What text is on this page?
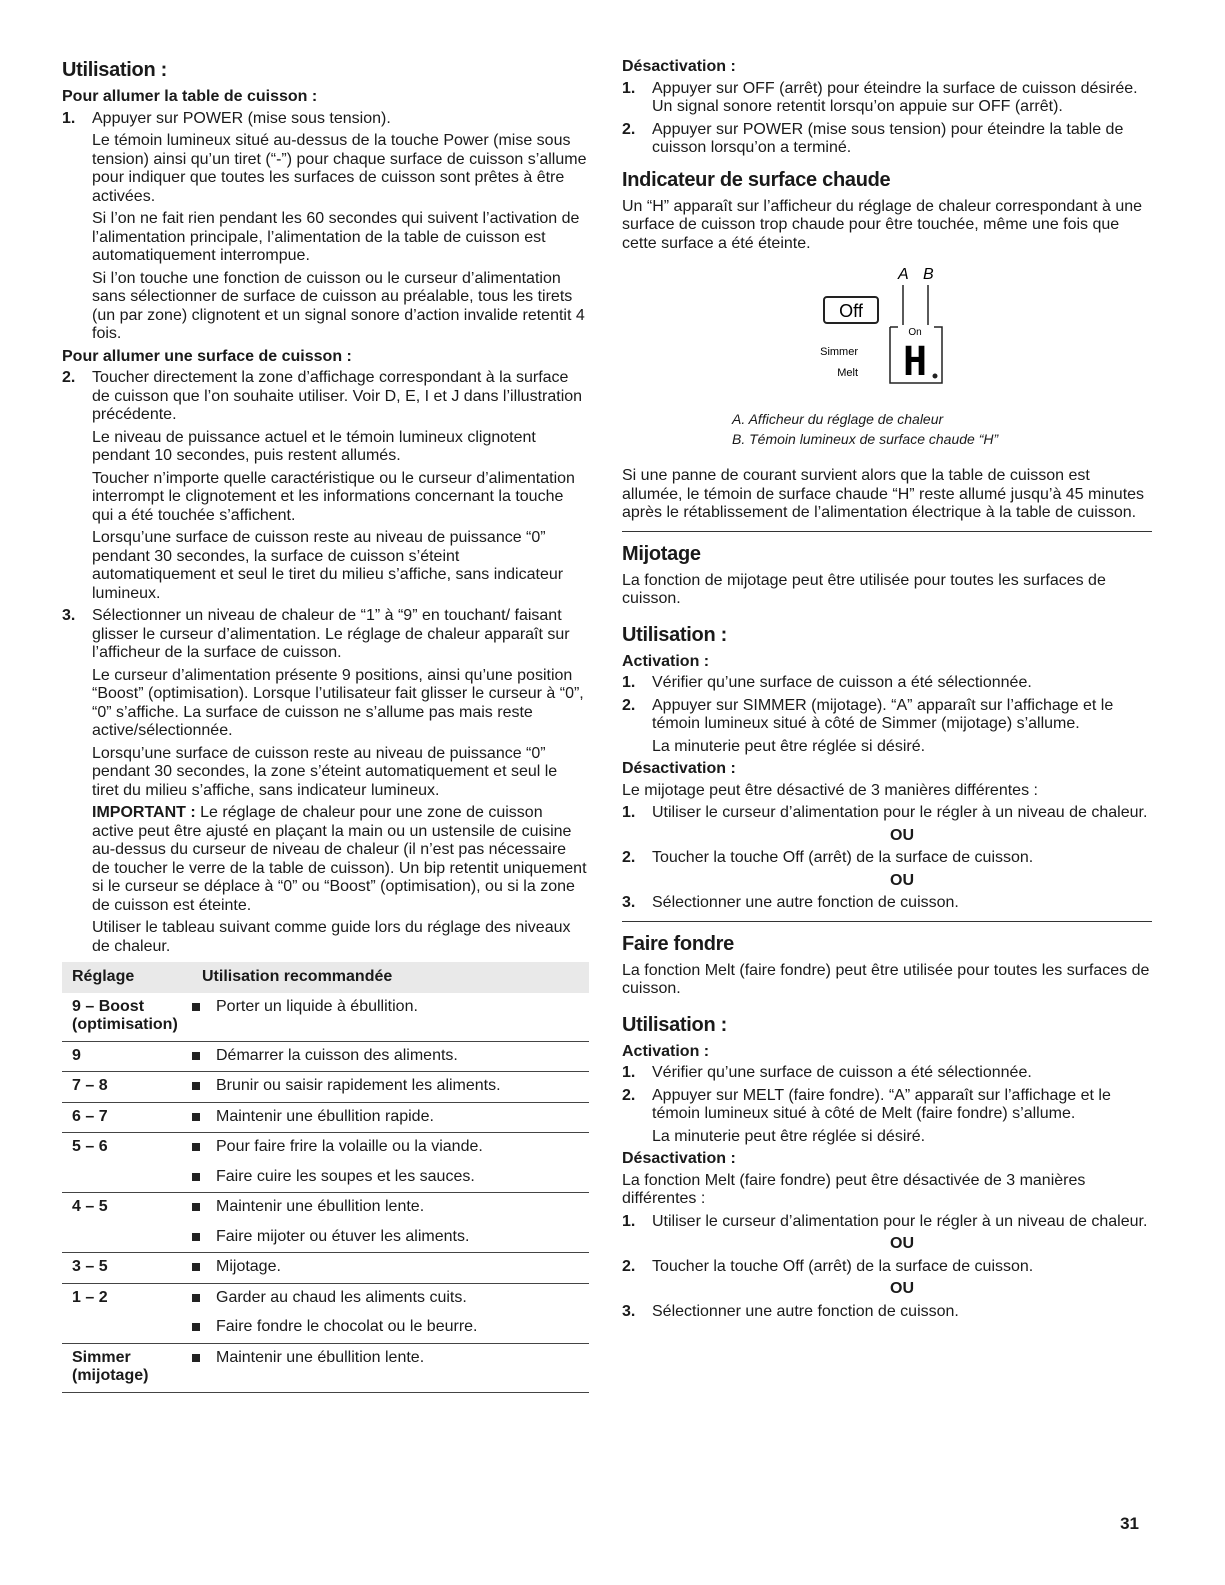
Utilisation :
Pour allumer la table de cuisson :
1. Appuyer sur POWER (mise sous tension).

Le témoin lumineux situé au-dessus de la touche Power (mise sous tension) ainsi qu’un tiret (“-”) pour chaque surface de cuisson s’allume pour indiquer que toutes les surfaces de cuisson sont prêtes à être activées.

Si l’on ne fait rien pendant les 60 secondes qui suivent l’activation de l’alimentation principale, l’alimentation de la table de cuisson est automatiquement interrompue.

Si l’on touche une fonction de cuisson ou le curseur d’alimentation sans sélectionner de surface de cuisson au préalable, tous les tirets (un par zone) clignotent et un signal sonore d’action invalide retentit 4 fois.

Pour allumer une surface de cuisson :
2. Toucher directement la zone d’affichage correspondant à la surface de cuisson que l’on souhaite utiliser. Voir D, E, I et J dans l’illustration précédente.

Le niveau de puissance actuel et le témoin lumineux clignotent pendant 10 secondes, puis restent allumés.

Toucher n’importe quelle caractéristique ou le curseur d’alimentation interrompt le clignotement et les informations concernant la touche qui a été touchée s’affichent.

Lorsqu’une surface de cuisson reste au niveau de puissance “0” pendant 30 secondes, la surface de cuisson s’éteint automatiquement et seul le tiret du milieu s’affiche, sans indicateur lumineux.

3. Sélectionner un niveau de chaleur de “1” à “9” en touchant/ faisant glisser le curseur d’alimentation. Le réglage de chaleur apparaît sur l’afficheur de la surface de cuisson.

Le curseur d’alimentation présente 9 positions, ainsi qu’une position “Boost” (optimisation). Lorsque l’utilisateur fait glisser le curseur à “0”, “0” s’affiche. La surface de cuisson ne s’allume pas mais reste active/sélectionnée.

Lorsqu’une surface de cuisson reste au niveau de puissance “0” pendant 30 secondes, la zone s’éteint automatiquement et seul le tiret du milieu s’affiche, sans indicateur lumineux.

IMPORTANT : Le réglage de chaleur pour une zone de cuisson active peut être ajusté en plaçant la main ou un ustensile de cuisine au-dessus du curseur de niveau de chaleur (il n’est pas nécessaire de toucher le verre de la table de cuisson). Un bip retentit uniquement si le curseur se déplace à “0” ou “Boost” (optimisation), ou si la zone de cuisson est éteinte.

Utiliser le tableau suivant comme guide lors du réglage des niveaux de chaleur.

Réglage	Utilisation recommandée	
9 – Boost (optimisation)		Porter un liquide à ébullition.
9		Démarrer la cuisson des aliments.
7 – 8		Brunir ou saisir rapidement les aliments.
6 – 7		Maintenir une ébullition rapide.
5 – 6		Pour faire frire la volaille ou la viande.
		Faire cuire les soupes et les sauces.
4 – 5		Maintenir une ébullition lente.
		Faire mijoter ou étuver les aliments.
3 – 5		Mijotage.
1 – 2		Garder au chaud les aliments cuits.
		Faire fondre le chocolat ou le beurre.
Simmer (mijotage)		Maintenir une ébullition lente.
Désactivation :
1. Appuyer sur OFF (arrêt) pour éteindre la surface de cuisson désirée. Un signal sonore retentit lorsqu’on appuie sur OFF (arrêt).
2. Appuyer sur POWER (mise sous tension) pour éteindre la table de cuisson lorsqu’on a terminé.
Indicateur de surface chaude

Un “H” apparaît sur l’afficheur du réglage de chaleur correspondant à une surface de cuisson trop chaude pour être touchée, même une fois que cette surface a été éteinte.

A B
Off
On
H
Simmer
Melt
A. Afficheur du réglage de chaleur
B. Témoin lumineux de surface chaude “H”

Si une panne de courant survient alors que la table de cuisson est allumée, le témoin de surface chaude “H” reste allumé jusqu’à 45 minutes après le rétablissement de l’alimentation électrique à la table de cuisson.

Mijotage

La fonction de mijotage peut être utilisée pour toutes les surfaces de cuisson.

Utilisation :
Activation :
1. Vérifier qu’une surface de cuisson a été sélectionnée.
2. Appuyer sur SIMMER (mijotage). “A” apparaît sur l’affichage et le témoin lumineux situé à côté de Simmer (mijotage) s’allume.

La minuterie peut être réglée si désiré.

Désactivation :

Le mijotage peut être désactivé de 3 manières différentes :

1. Utiliser le curseur d’alimentation pour le régler à un niveau de chaleur.
OU
2. Toucher la touche Off (arrêt) de la surface de cuisson.
OU
3. Sélectionner une autre fonction de cuisson.
Faire fondre

La fonction Melt (faire fondre) peut être utilisée pour toutes les surfaces de cuisson.

Utilisation :
Activation :
1. Vérifier qu’une surface de cuisson a été sélectionnée.
2. Appuyer sur MELT (faire fondre). “A” apparaît sur l’affichage et le témoin lumineux situé à côté de Melt (faire fondre) s’allume.

La minuterie peut être réglée si désiré.

Désactivation :

La fonction Melt (faire fondre) peut être désactivée de 3 manières différentes :

1. Utiliser le curseur d’alimentation pour le régler à un niveau de chaleur.
OU
2. Toucher la touche Off (arrêt) de la surface de cuisson.
OU
3. Sélectionner une autre fonction de cuisson.
31
